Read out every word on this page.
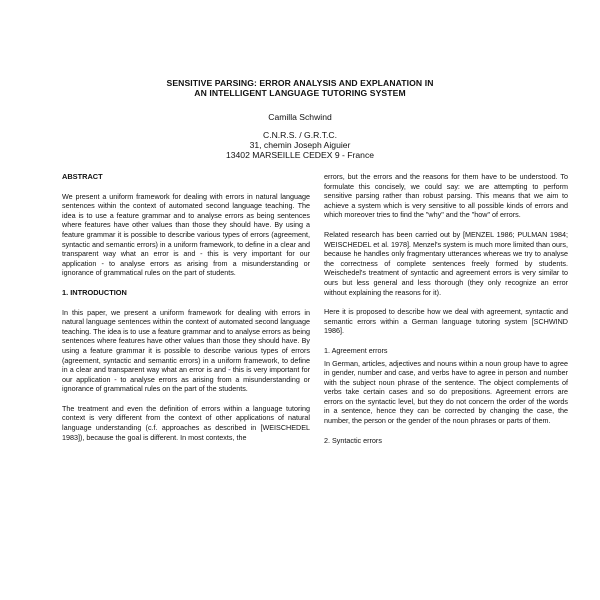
SENSITIVE PARSING: ERROR ANALYSIS AND EXPLANATION IN
AN INTELLIGENT LANGUAGE TUTORING SYSTEM
Camilla Schwind
C.N.R.S. / G.R.T.C.
31, chemin Joseph Aiguier
13402 MARSEILLE CEDEX 9 - France
ABSTRACT

We present a uniform framework for dealing with errors in natural language sentences within the context of automated second language teaching. The idea is to use a feature grammar and to analyse errors as being sentences where features have other values than those they should have. By using a feature grammar it is possible to describe various types of errors (agreement, syntactic and semantic errors) in a uniform framework, to define in a clear and transparent way what an error is and - this is very important for our application - to analyse errors as arising from a misunderstanding or ignorance of grammatical rules on the part of students.

1. INTRODUCTION

In this paper, we present a uniform framework for dealing with errors in natural language sentences within the context of automated second language teaching. The idea is to use a feature grammar and to analyse errors as being sentences where features have other values than those they should have. By using a feature grammar it is possible to describe various types of errors (agreement, syntactic and semantic errors) in a uniform framework, to define in a clear and transparent way what an error is and - this is very important for our application - to analyse errors as arising from a misunderstanding or ignorance of grammatical rules on the part of the students.

The treatment and even the definition of errors within a language tutoring context is very different from the context of other applications of natural language understanding (c.f. approaches as described in [WEISCHEDEL 1983]), because the goal is different. In most contexts, the

errors, but the errors and the reasons for them have to be understood. To formulate this concisely, we could say: we are attempting to perform sensitive parsing rather than robust parsing. This means that we aim to achieve a system which is very sensitive to all possible kinds of errors and which moreover tries to find the "why" and the "how" of errors.

Related research has been carried out by [MENZEL 1986; PULMAN 1984; WEISCHEDEL et al. 1978]. Menzel's system is much more limited than ours, because he handles only fragmentary utterances whereas we try to analyse the correctness of complete sentences freely formed by students. Weischedel's treatment of syntactic and agreement errors is very similar to ours but less general and less thorough (they only recognize an error without explaining the reasons for it).

Here it is proposed to describe how we deal with agreement, syntactic and semantic errors within a German language tutoring system [SCHWIND 1986].

1. Agreement errors

In German, articles, adjectives and nouns within a noun group have to agree in gender, number and case, and verbs have to agree in person and number with the subject noun phrase of the sentence. The object complements of verbs take certain cases and so do prepositions. Agreement errors are errors on the syntactic level, but they do not concern the order of the words in a sentence, hence they can be corrected by changing the case, the number, the person or the gender of the noun phrases or parts of them.

2. Syntactic errors
